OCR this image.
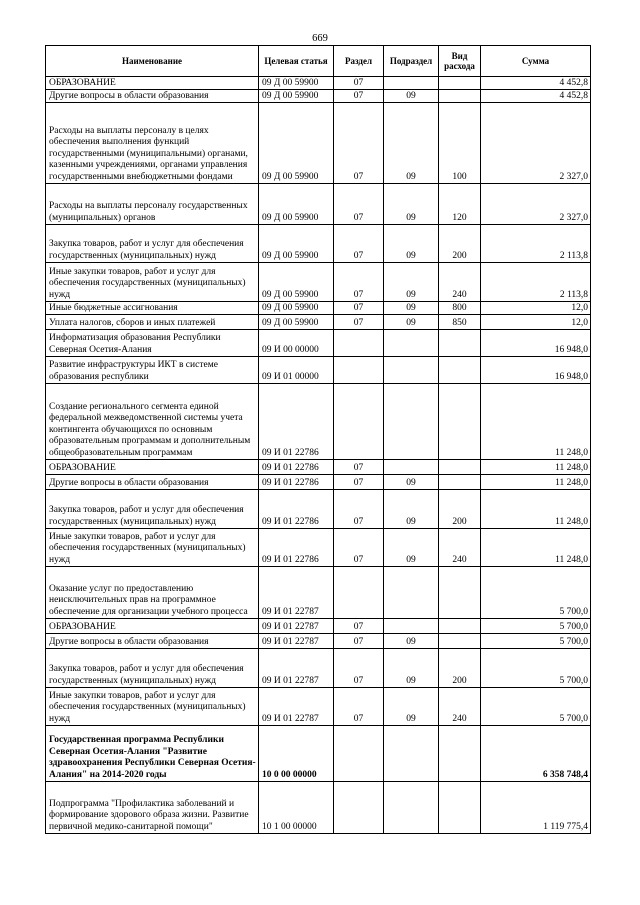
669
Наименование	Целевая статья	Раздел	Подраздел	Вид расхода	Сумма
ОБРАЗОВАНИЕ	09 Д 00 59900	07			4 452,8
Другие вопросы в области образования	09 Д 00 59900	07	09		4 452,8
Расходы на выплаты персоналу в целях обеспечения выполнения функций государственными (муниципальными) органами, казенными учреждениями, органами управления государственными внебюджетными фондами	09 Д 00 59900	07	09	100	2 327,0
Расходы на выплаты персоналу государственных (муниципальных) органов	09 Д 00 59900	07	09	120	2 327,0
Закупка товаров, работ и услуг для обеспечения государственных (муниципальных) нужд	09 Д 00 59900	07	09	200	2 113,8
Иные закупки товаров, работ и услуг для обеспечения государственных (муниципальных) нужд	09 Д 00 59900	07	09	240	2 113,8
Иные бюджетные ассигнования	09 Д 00 59900	07	09	800	12,0
Уплата налогов, сборов и иных платежей	09 Д 00 59900	07	09	850	12,0
Информатизация образования Республики Северная Осетия-Алания	09 И 00 00000				16 948,0
Развитие инфраструктуры ИКТ в системе образования республики	09 И 01 00000				16 948,0
Создание регионального сегмента единой федеральной межведомственной системы учета контингента обучающихся по основным образовательным программам и дополнительным общеобразовательным программам	09 И 01 22786				11 248,0
ОБРАЗОВАНИЕ	09 И 01 22786	07			11 248,0
Другие вопросы в области образования	09 И 01 22786	07	09		11 248,0
Закупка товаров, работ и услуг для обеспечения государственных (муниципальных) нужд	09 И 01 22786	07	09	200	11 248,0
Иные закупки товаров, работ и услуг для обеспечения государственных (муниципальных) нужд	09 И 01 22786	07	09	240	11 248,0
Оказание услуг по предоставлению неисключительных прав на программное обеспечение для организации учебного процесса	09 И 01 22787				5 700,0
ОБРАЗОВАНИЕ	09 И 01 22787	07			5 700,0
Другие вопросы в области образования	09 И 01 22787	07	09		5 700,0
Закупка товаров, работ и услуг для обеспечения государственных (муниципальных) нужд	09 И 01 22787	07	09	200	5 700,0
Иные закупки товаров, работ и услуг для обеспечения государственных (муниципальных) нужд	09 И 01 22787	07	09	240	5 700,0
Государственная программа Республики Северная Осетия-Алания "Развитие здравоохранения Республики Северная Осетия-Алания" на 2014-2020 годы	10 0 00 00000				6 358 748,4
Подпрограмма "Профилактика заболеваний и формирование здорового образа жизни. Развитие первичной медико-санитарной помощи"	10 1 00 00000				1 119 775,4
